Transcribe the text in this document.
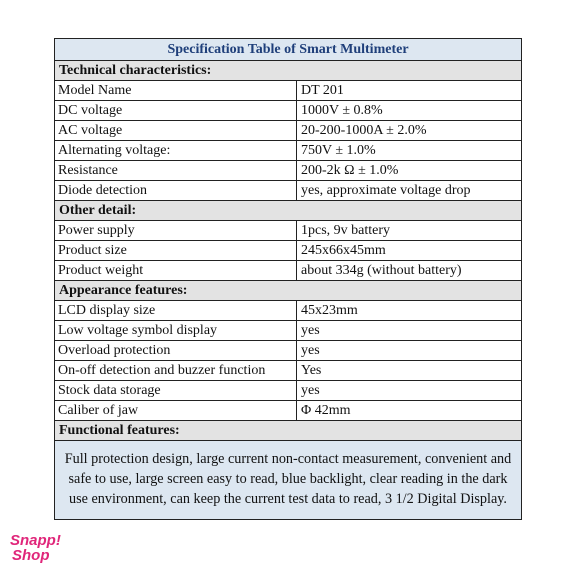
Specification Table of Smart Multimeter
Technical characteristics:
Model Name	DT 201
DC voltage	1000V ± 0.8%
AC voltage	20-200-1000A ± 2.0%
Alternating voltage:	750V ± 1.0%
Resistance	200-2k Ω ± 1.0%
Diode detection	yes, approximate voltage drop
Other detail:
Power supply	1pcs, 9v battery
Product size	245x66x45mm
Product weight	about 334g (without battery)
Appearance features:
LCD display size	45x23mm
Low voltage symbol display	yes
Overload protection	yes
On-off detection and buzzer function	Yes
Stock data storage	yes
Caliber of jaw	Φ 42mm
Functional features:
Full protection design, large current non-contact measurement, convenient and safe to use, large screen easy to read, blue backlight, clear reading in the dark use environment, can keep the current test data to read, 3 1/2 Digital Display.
Snapp!
Shop
